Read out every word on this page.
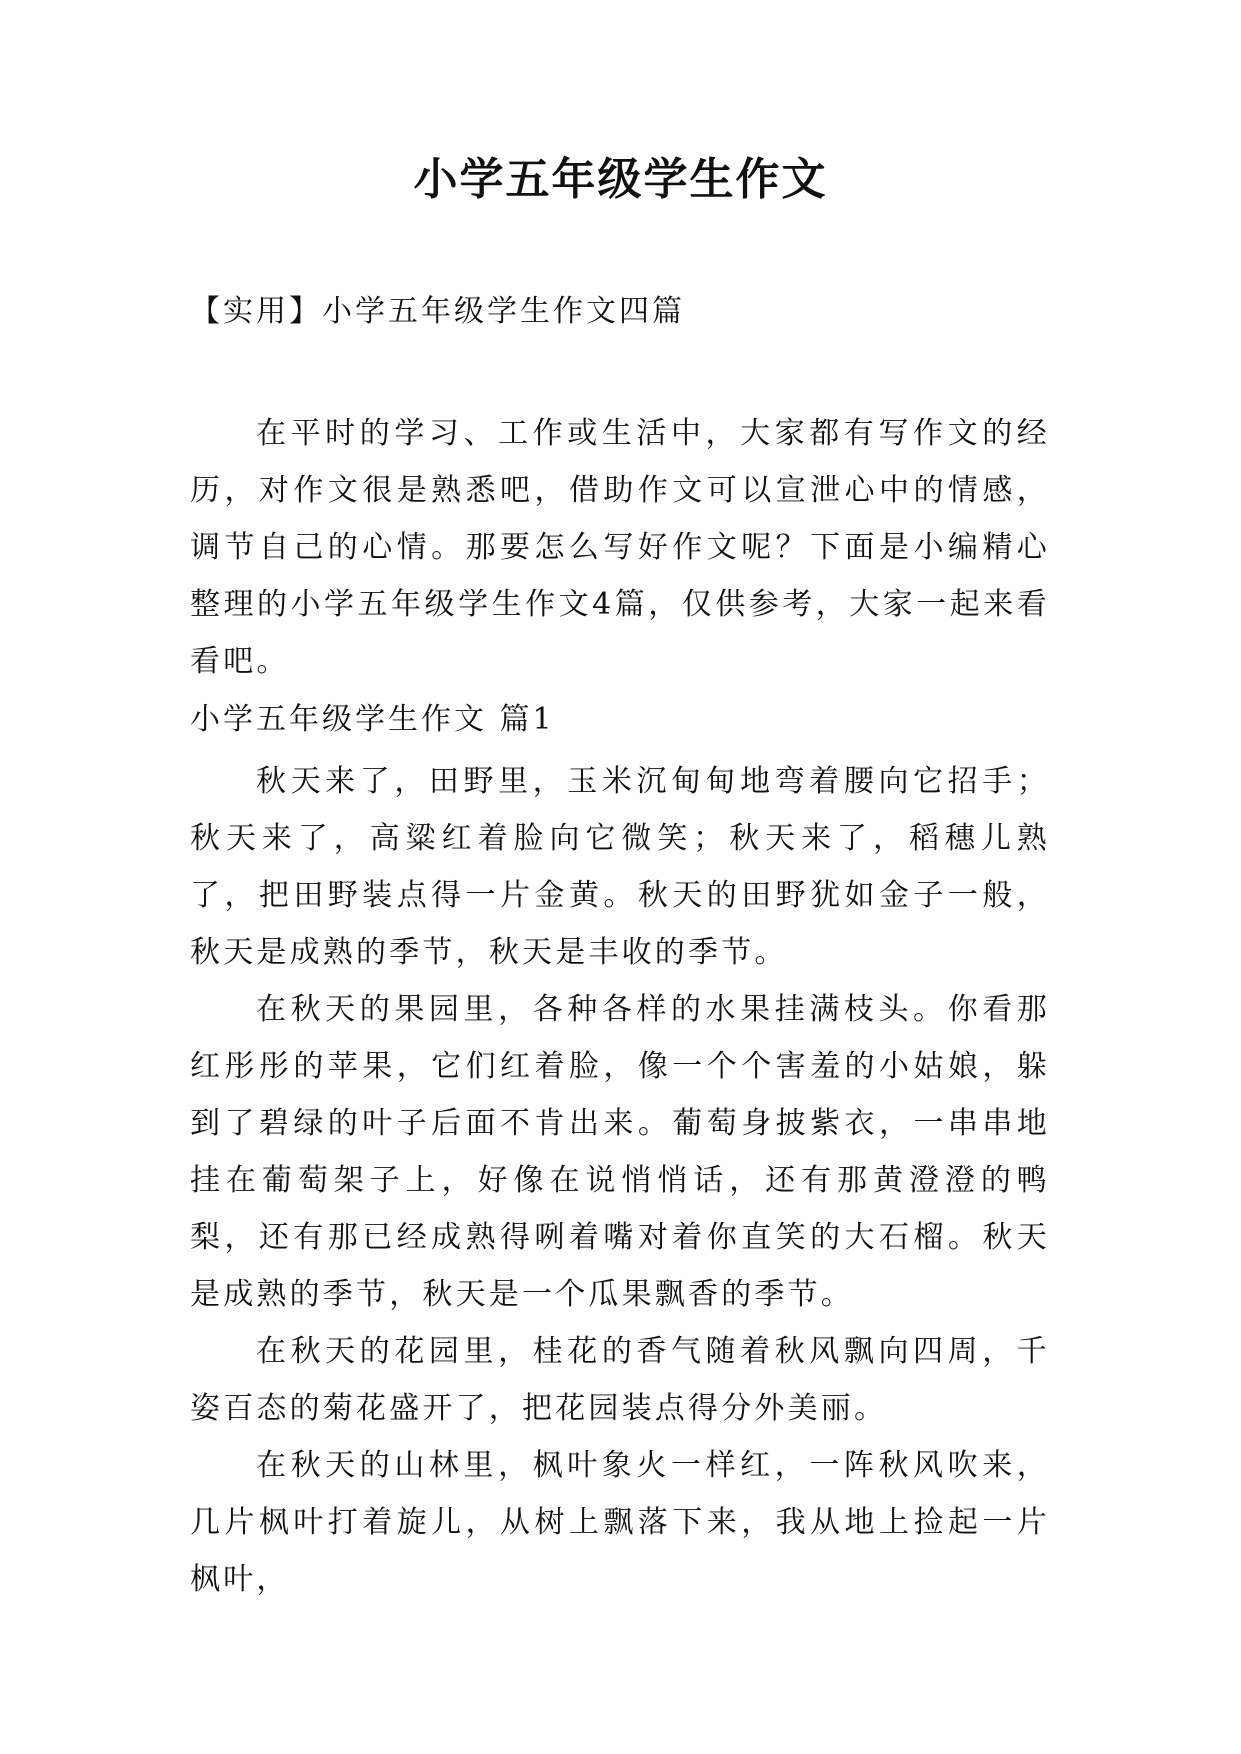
小学五年级学生作文
【实用】小学五年级学生作文四篇

在平时的学习、工作或生活中，大家都有写作文的经历，对作文很是熟悉吧，借助作文可以宣泄心中的情感，调节自己的心情。那要怎么写好作文呢？下面是小编精心整理的小学五年级学生作文4篇，仅供参考，大家一起来看看吧。

小学五年级学生作文 篇1

秋天来了，田野里，玉米沉甸甸地弯着腰向它招手；秋天来了，高粱红着脸向它微笑；秋天来了，稻穗儿熟了，把田野装点得一片金黄。秋天的田野犹如金子一般，秋天是成熟的季节，秋天是丰收的季节。

在秋天的果园里，各种各样的水果挂满枝头。你看那红彤彤的苹果，它们红着脸，像一个个害羞的小姑娘，躲到了碧绿的叶子后面不肯出来。葡萄身披紫衣，一串串地挂在葡萄架子上，好像在说悄悄话，还有那黄澄澄的鸭梨，还有那已经成熟得咧着嘴对着你直笑的大石榴。秋天是成熟的季节，秋天是一个瓜果飘香的季节。

在秋天的花园里，桂花的香气随着秋风飘向四周，千姿百态的菊花盛开了，把花园装点得分外美丽。

在秋天的山林里，枫叶象火一样红，一阵秋风吹来，几片枫叶打着旋儿，从树上飘落下来，我从地上捡起一片枫叶，
